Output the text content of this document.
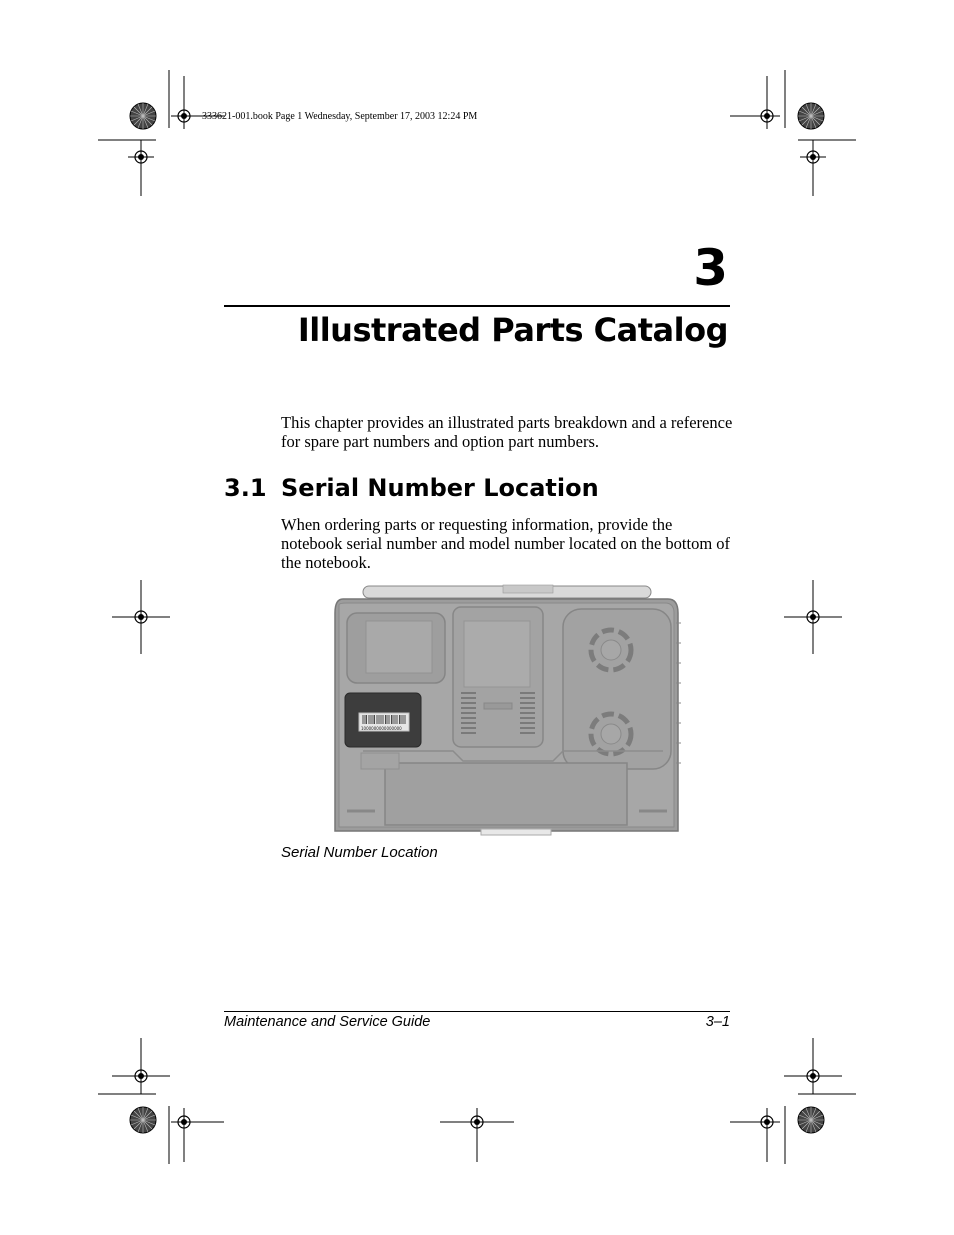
333621-001.book Page 1 Wednesday, September 17, 2003 12:24 PM
3
Illustrated Parts Catalog
This chapter provides an illustrated parts breakdown and a reference for spare part numbers and option part numbers.
3.1 Serial Number Location
When ordering parts or requesting information, provide the notebook serial number and model number located on the bottom of the notebook.
1000000000000000
Serial Number Location
Maintenance and Service Guide	3–1
